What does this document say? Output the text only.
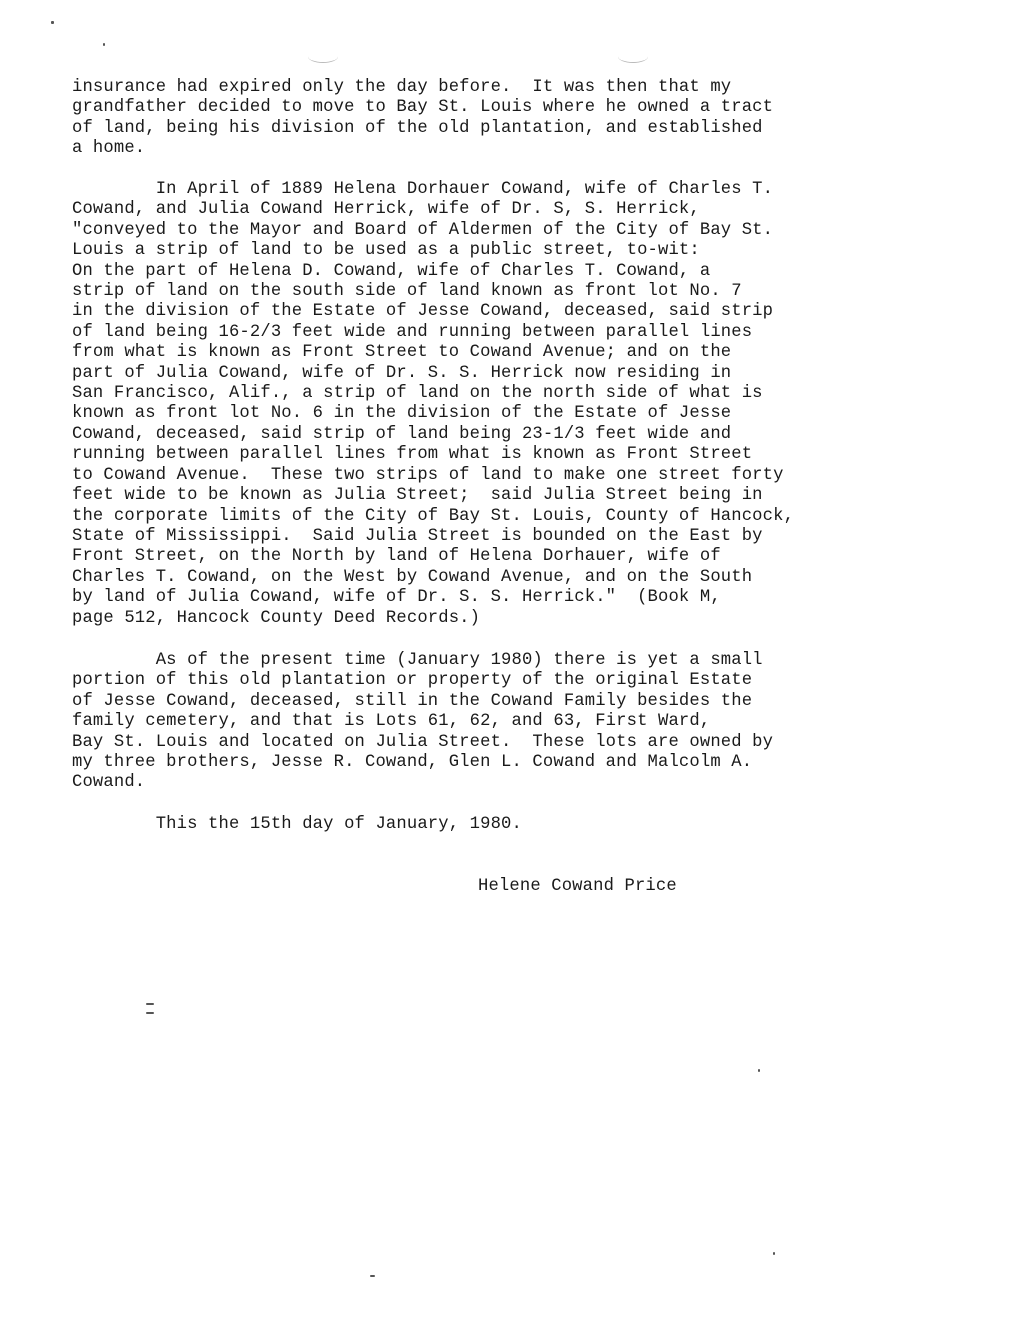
insurance had expired only the day before.  It was then that my
grandfather decided to move to Bay St. Louis where he owned a tract
of land, being his division of the old plantation, and established
a home.
In April of 1889 Helena Dorhauer Cowand, wife of Charles T.
Cowand, and Julia Cowand Herrick, wife of Dr. S, S. Herrick,
"conveyed to the Mayor and Board of Aldermen of the City of Bay St.
Louis a strip of land to be used as a public street, to-wit:
On the part of Helena D. Cowand, wife of Charles T. Cowand, a
strip of land on the south side of land known as front lot No. 7
in the division of the Estate of Jesse Cowand, deceased, said strip
of land being 16-2/3 feet wide and running between parallel lines
from what is known as Front Street to Cowand Avenue; and on the
part of Julia Cowand, wife of Dr. S. S. Herrick now residing in
San Francisco, Alif., a strip of land on the north side of what is
known as front lot No. 6 in the division of the Estate of Jesse
Cowand, deceased, said strip of land being 23-1/3 feet wide and
running between parallel lines from what is known as Front Street
to Cowand Avenue.  These two strips of land to make one street forty
feet wide to be known as Julia Street;  said Julia Street being in
the corporate limits of the City of Bay St. Louis, County of Hancock,
State of Mississippi.  Said Julia Street is bounded on the East by
Front Street, on the North by land of Helena Dorhauer, wife of
Charles T. Cowand, on the West by Cowand Avenue, and on the South
by land of Julia Cowand, wife of Dr. S. S. Herrick."  (Book M,
page 512, Hancock County Deed Records.)
As of the present time (January 1980) there is yet a small
portion of this old plantation or property of the original Estate
of Jesse Cowand, deceased, still in the Cowand Family besides the
family cemetery, and that is Lots 61, 62, and 63, First Ward,
Bay St. Louis and located on Julia Street.  These lots are owned by
my three brothers, Jesse R. Cowand, Glen L. Cowand and Malcolm A.
Cowand.
This the 15th day of January, 1980.
Helene Cowand Price
